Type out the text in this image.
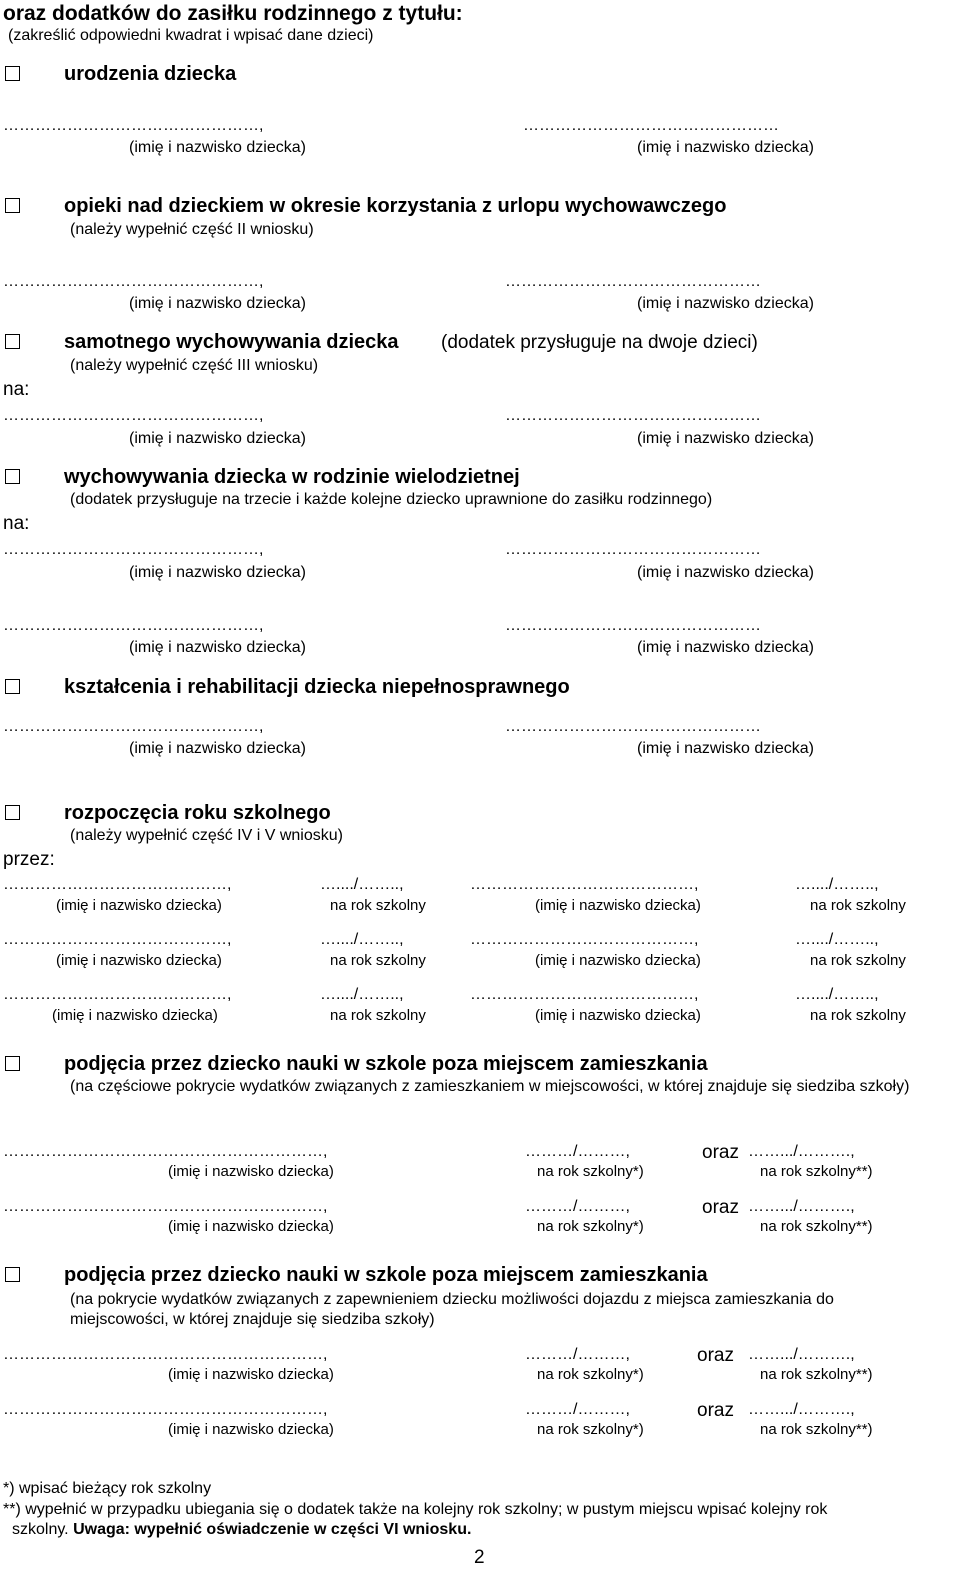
oraz dodatków do zasiłku rodzinnego z tytułu:
(zakreślić odpowiedni kwadrat i wpisać dane dzieci)
urodzenia dziecka
…………………………………………,	…………………………………………
(imię i nazwisko dziecka)	(imię i nazwisko dziecka)
opieki nad dzieckiem w okresie korzystania z urlopu wychowawczego
(należy wypełnić część II wniosku)
…………………………………………,	…………………………………………
(imię i nazwisko dziecka)	(imię i nazwisko dziecka)
samotnego wychowywania dziecka (dodatek przysługuje na dwoje dzieci)
(należy wypełnić część III wniosku)
na:
…………………………………………,	…………………………………………
(imię i nazwisko dziecka)	(imię i nazwisko dziecka)
wychowywania dziecka w rodzinie wielodzietnej
(dodatek przysługuje na trzecie i każde kolejne dziecko uprawnione do zasiłku rodzinnego)
na:
…………………………………………,	…………………………………………
(imię i nazwisko dziecka)	(imię i nazwisko dziecka)
…………………………………………,	…………………………………………
(imię i nazwisko dziecka)	(imię i nazwisko dziecka)
kształcenia i rehabilitacji dziecka niepełnosprawnego
…………………………………………,	…………………………………………
(imię i nazwisko dziecka)	(imię i nazwisko dziecka)
rozpoczęcia roku szkolnego
(należy wypełnić część IV i V wniosku)
przez:
……………………………………,	…..../……..,	……………………………………,	…..../……..,
(imię i nazwisko dziecka)	na rok szkolny	(imię i nazwisko dziecka)	na rok szkolny
……………………………………,	…..../……..,	……………………………………,	…..../……..,
(imię i nazwisko dziecka)	na rok szkolny	(imię i nazwisko dziecka)	na rok szkolny
……………………………………,	…..../……..,	……………………………………,	…..../……..,
(imię i nazwisko dziecka)	na rok szkolny	(imię i nazwisko dziecka)	na rok szkolny
podjęcia przez dziecko nauki w szkole poza miejscem zamieszkania
(na częściowe pokrycie wydatków związanych z zamieszkaniem w miejscowości, w której znajduje się siedziba szkoły)
……………………………………………………,	………/………,	oraz …….../……….,
(imię i nazwisko dziecka)	na rok szkolny*)	na rok szkolny**)
……………………………………………………,	………/………,	oraz …….../……….,
(imię i nazwisko dziecka)	na rok szkolny*)	na rok szkolny**)
podjęcia przez dziecko nauki w szkole poza miejscem zamieszkania
(na pokrycie wydatków związanych z zapewnieniem dziecku możliwości dojazdu z miejsca zamieszkania do miejscowości, w której znajduje się siedziba szkoły)
……………………………………………………,	………/………,	oraz …….../……….,
(imię i nazwisko dziecka)	na rok szkolny*)	na rok szkolny**)
……………………………………………………,	………/………,	oraz …….../……….,
(imię i nazwisko dziecka)	na rok szkolny*)	na rok szkolny**)
*) wpisać bieżący rok szkolny
**) wypełnić w przypadku ubiegania się o dodatek także na kolejny rok szkolny; w pustym miejscu wpisać kolejny rok
szkolny. Uwaga: wypełnić oświadczenie w części VI wniosku.
2
